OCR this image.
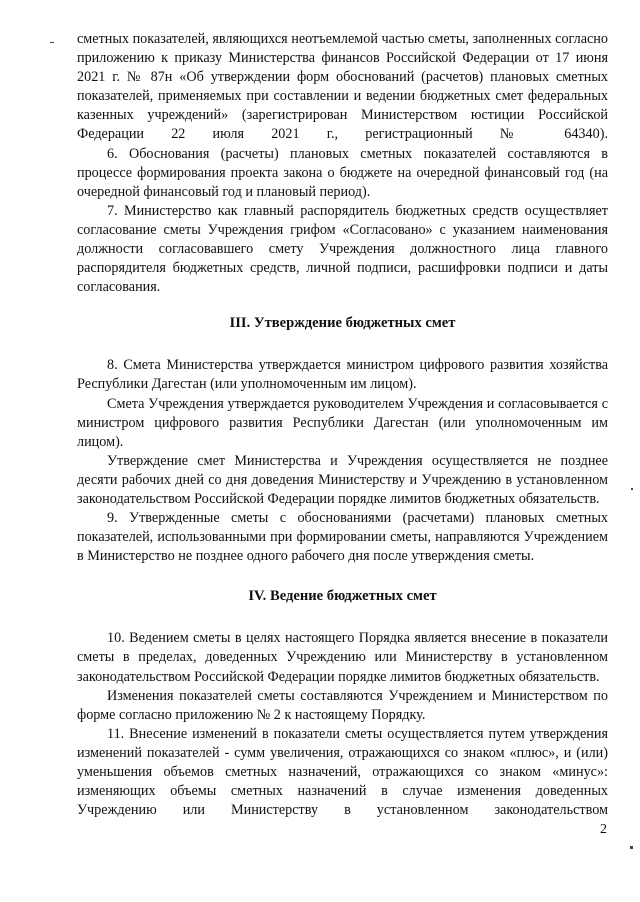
сметных показателей, являющихся неотъемлемой частью сметы, заполненных согласно приложению к приказу Министерства финансов Российской Федерации от 17 июня 2021 г. № 87н «Об утверждении форм обоснований (расчетов) плановых сметных показателей, применяемых при составлении и ведении бюджетных смет федеральных казенных учреждений» (зарегистрирован Министерством юстиции Российской Федерации 22 июля 2021 г., регистрационный № 64340).

6. Обоснования (расчеты) плановых сметных показателей составляются в процессе формирования проекта закона о бюджете на очередной финансовый год (на очередной финансовый год и плановый период).

7. Министерство как главный распорядитель бюджетных средств осуществляет согласование сметы Учреждения грифом «Согласовано» с указанием наименования должности согласовавшего смету Учреждения должностного лица главного распорядителя бюджетных средств, личной подписи, расшифровки подписи и даты согласования.

III. Утверждение бюджетных смет

8. Смета Министерства утверждается министром цифрового развития хозяйства Республики Дагестан (или уполномоченным им лицом).

Смета Учреждения утверждается руководителем Учреждения и согласовывается с министром цифрового развития Республики Дагестан (или уполномоченным им лицом).

Утверждение смет Министерства и Учреждения осуществляется не позднее десяти рабочих дней со дня доведения Министерству и Учреждению в установленном законодательством Российской Федерации порядке лимитов бюджетных обязательств.

9. Утвержденные сметы с обоснованиями (расчетами) плановых сметных показателей, использованными при формировании сметы, направляются Учреждением в Министерство не позднее одного рабочего дня после утверждения сметы.

IV. Ведение бюджетных смет

10. Ведением сметы в целях настоящего Порядка является внесение в показатели сметы в пределах, доведенных Учреждению или Министерству в установленном законодательством Российской Федерации порядке лимитов бюджетных обязательств.

Изменения показателей сметы составляются Учреждением и Министерством по форме согласно приложению № 2 к настоящему Порядку.

11. Внесение изменений в показатели сметы осуществляется путем утверждения изменений показателей - сумм увеличения, отражающихся со знаком «плюс», и (или) уменьшения объемов сметных назначений, отражающихся со знаком «минус»: изменяющих объемы сметных назначений в случае изменения доведенных Учреждению или Министерству в установленном законодательством

2
